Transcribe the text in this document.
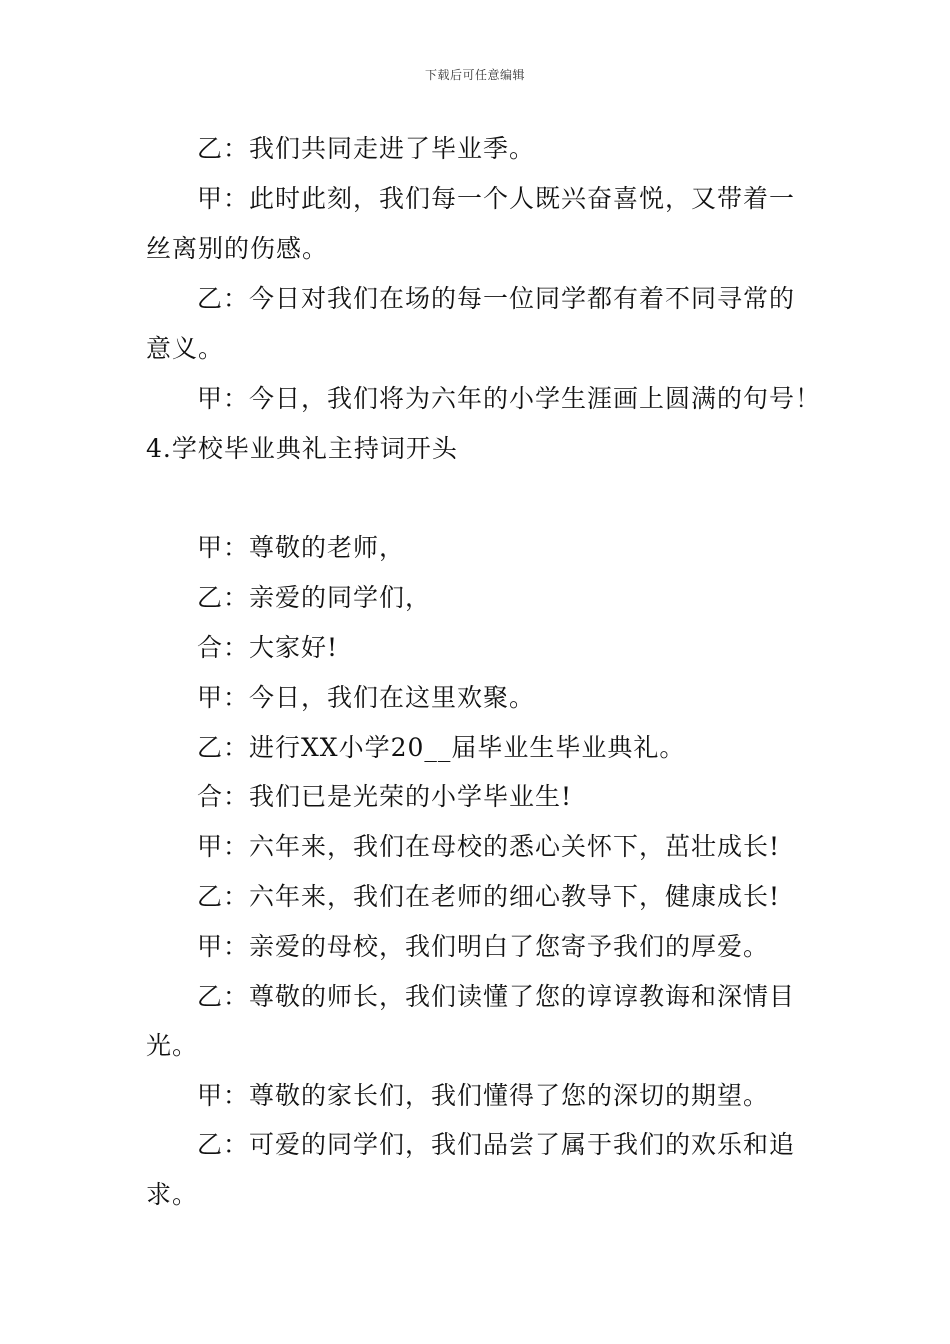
下载后可任意编辑
乙：我们共同走进了毕业季。
甲：此时此刻，我们每一个人既兴奋喜悦，又带着一
丝离别的伤感。
乙：今日对我们在场的每一位同学都有着不同寻常的
意义。
甲：今日，我们将为六年的小学生涯画上圆满的句号！
4.学校毕业典礼主持词开头
甲：尊敬的老师，
乙：亲爱的同学们，
合：大家好!
甲：今日，我们在这里欢聚。
乙：进行XX小学20__届毕业生毕业典礼。
合：我们已是光荣的小学毕业生!
甲：六年来，我们在母校的悉心关怀下，茁壮成长!
乙：六年来，我们在老师的细心教导下，健康成长!
甲：亲爱的母校，我们明白了您寄予我们的厚爱。
乙：尊敬的师长，我们读懂了您的谆谆教诲和深情目
光。
甲：尊敬的家长们，我们懂得了您的深切的期望。
乙：可爱的同学们，我们品尝了属于我们的欢乐和追
求。
